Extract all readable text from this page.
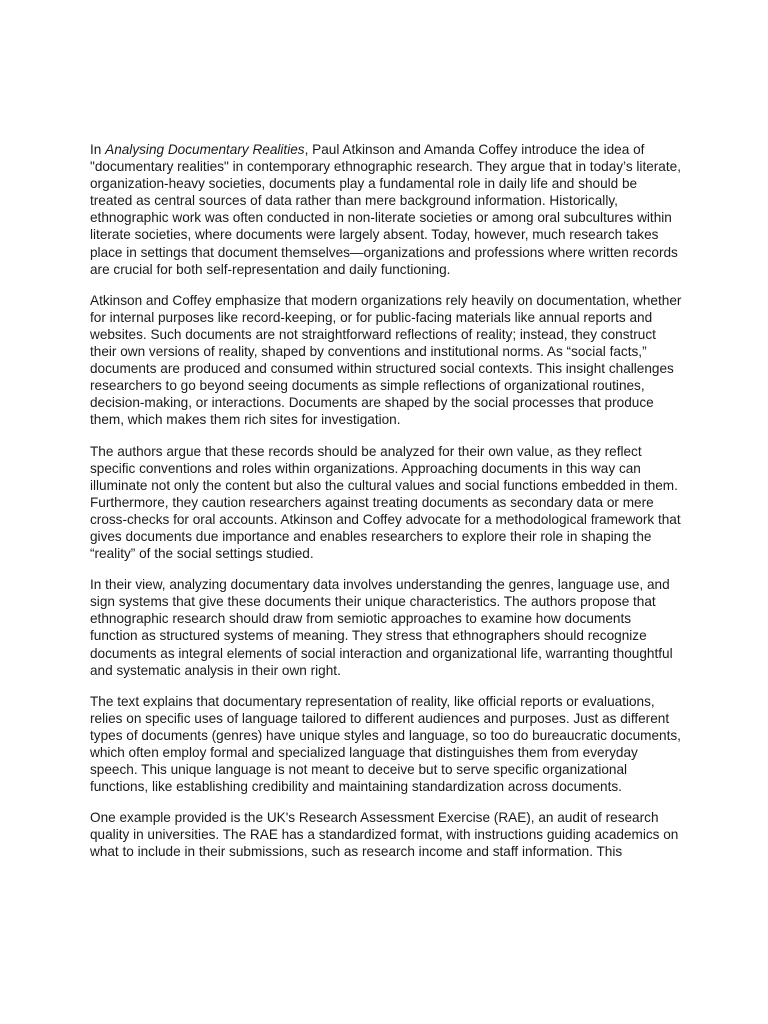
In Analysing Documentary Realities, Paul Atkinson and Amanda Coffey introduce the idea of "documentary realities" in contemporary ethnographic research. They argue that in today’s literate, organization-heavy societies, documents play a fundamental role in daily life and should be treated as central sources of data rather than mere background information. Historically, ethnographic work was often conducted in non-literate societies or among oral subcultures within literate societies, where documents were largely absent. Today, however, much research takes place in settings that document themselves—organizations and professions where written records are crucial for both self-representation and daily functioning.

Atkinson and Coffey emphasize that modern organizations rely heavily on documentation, whether for internal purposes like record-keeping, or for public-facing materials like annual reports and websites. Such documents are not straightforward reflections of reality; instead, they construct their own versions of reality, shaped by conventions and institutional norms. As “social facts,” documents are produced and consumed within structured social contexts. This insight challenges researchers to go beyond seeing documents as simple reflections of organizational routines, decision-making, or interactions. Documents are shaped by the social processes that produce them, which makes them rich sites for investigation.

The authors argue that these records should be analyzed for their own value, as they reflect specific conventions and roles within organizations. Approaching documents in this way can illuminate not only the content but also the cultural values and social functions embedded in them. Furthermore, they caution researchers against treating documents as secondary data or mere cross-checks for oral accounts. Atkinson and Coffey advocate for a methodological framework that gives documents due importance and enables researchers to explore their role in shaping the “reality” of the social settings studied.

In their view, analyzing documentary data involves understanding the genres, language use, and sign systems that give these documents their unique characteristics. The authors propose that ethnographic research should draw from semiotic approaches to examine how documents function as structured systems of meaning. They stress that ethnographers should recognize documents as integral elements of social interaction and organizational life, warranting thoughtful and systematic analysis in their own right.

The text explains that documentary representation of reality, like official reports or evaluations, relies on specific uses of language tailored to different audiences and purposes. Just as different types of documents (genres) have unique styles and language, so too do bureaucratic documents, which often employ formal and specialized language that distinguishes them from everyday speech. This unique language is not meant to deceive but to serve specific organizational functions, like establishing credibility and maintaining standardization across documents.

One example provided is the UK's Research Assessment Exercise (RAE), an audit of research quality in universities. The RAE has a standardized format, with instructions guiding academics on what to include in their submissions, such as research income and staff information. This
